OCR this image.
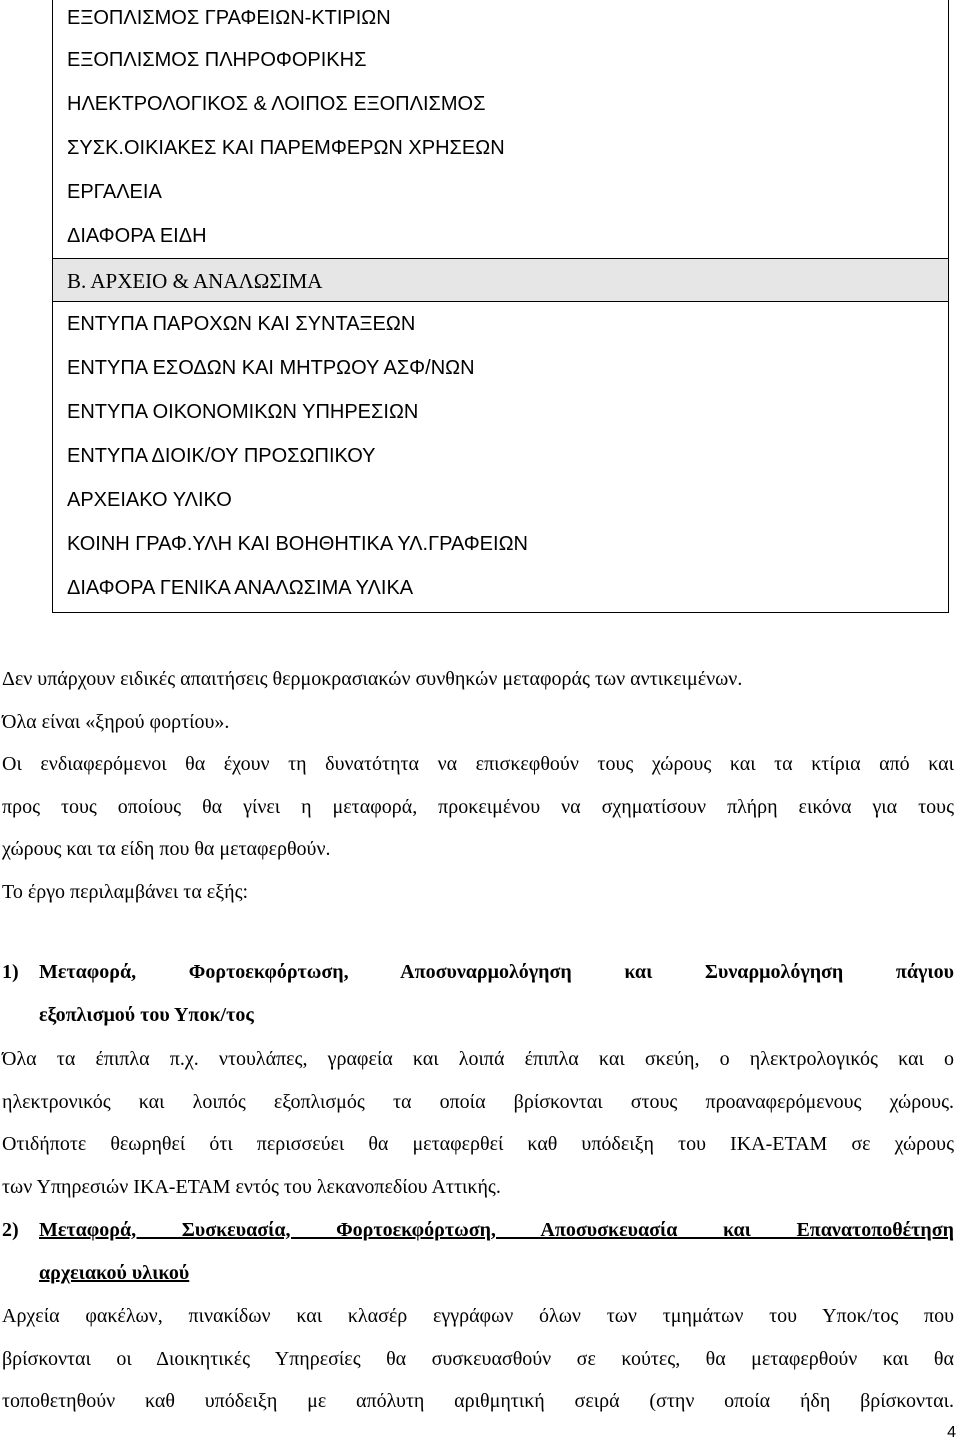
ΕΞΟΠΛΙΣΜΟΣ ΓΡΑΦΕΙΩΝ-ΚΤΙΡΙΩΝ
ΕΞΟΠΛΙΣΜΟΣ ΠΛΗΡΟΦΟΡΙΚΗΣ
ΗΛΕΚΤΡΟΛΟΓΙΚΟΣ & ΛΟΙΠΟΣ ΕΞΟΠΛΙΣΜΟΣ
ΣΥΣΚ.ΟΙΚΙΑΚΕΣ ΚΑΙ ΠΑΡΕΜΦΕΡΩΝ ΧΡΗΣΕΩΝ
ΕΡΓΑΛΕΙΑ
ΔΙΑΦΟΡΑ ΕΙΔΗ
Β. ΑΡΧΕΙΟ & ΑΝΑΛΩΣΙΜΑ
ΕΝΤΥΠΑ ΠΑΡΟΧΩΝ ΚΑΙ ΣΥΝΤΑΞΕΩΝ
ΕΝΤΥΠΑ ΕΣΟΔΩΝ ΚΑΙ ΜΗΤΡΩΟΥ ΑΣΦ/ΝΩΝ
ΕΝΤΥΠΑ ΟΙΚΟΝΟΜΙΚΩΝ ΥΠΗΡΕΣΙΩΝ
ΕΝΤΥΠΑ ΔΙΟΙΚ/ΟΥ ΠΡΟΣΩΠΙΚΟΥ
ΑΡΧΕΙΑΚΟ ΥΛΙΚΟ
ΚΟΙΝΗ ΓΡΑΦ.ΥΛΗ ΚΑΙ ΒΟΗΘΗΤΙΚΑ ΥΛ.ΓΡΑΦΕΙΩΝ
ΔΙΑΦΟΡΑ ΓΕΝΙΚΑ ΑΝΑΛΩΣΙΜΑ ΥΛΙΚΑ
Δεν υπάρχουν ειδικές απαιτήσεις θερμοκρασιακών συνθηκών μεταφοράς των αντικειμένων.
Όλα είναι «ξηρού φορτίου».
Οι ενδιαφερόμενοι θα έχουν τη δυνατότητα να επισκεφθούν τους χώρους και τα κτίρια από και
προς τους οποίους θα γίνει η μεταφορά, προκειμένου να σχηματίσουν πλήρη εικόνα για τους
χώρους και τα είδη που θα μεταφερθούν.
Το έργο περιλαμβάνει τα εξής:
1) Μεταφορά, Φορτοεκφόρτωση, Αποσυναρμολόγηση και Συναρμολόγηση πάγιου
εξοπλισμού του Υποκ/τος
Όλα τα έπιπλα π.χ. ντουλάπες, γραφεία και λοιπά έπιπλα και σκεύη, ο ηλεκτρολογικός και ο
ηλεκτρονικός και λοιπός εξοπλισμός τα οποία βρίσκονται στους προαναφερόμενους χώρους.
Οτιδήποτε θεωρηθεί ότι περισσεύει θα μεταφερθεί καθ υπόδειξη του ΙΚΑ-ΕΤΑΜ σε χώρους
των Υπηρεσιών ΙΚΑ-ΕΤΑΜ εντός του λεκανοπεδίου Αττικής.
2) Μεταφορά, Συσκευασία, Φορτοεκφόρτωση, Αποσυσκευασία και Επανατοποθέτηση
αρχειακού υλικού
Αρχεία φακέλων, πινακίδων και κλασέρ εγγράφων όλων των τμημάτων του Υποκ/τος που
βρίσκονται οι Διοικητικές Υπηρεσίες θα συσκευασθούν σε κούτες, θα μεταφερθούν και θα
τοποθετηθούν καθ υπόδειξη με απόλυτη αριθμητική σειρά (στην οποία ήδη βρίσκονται.
4
